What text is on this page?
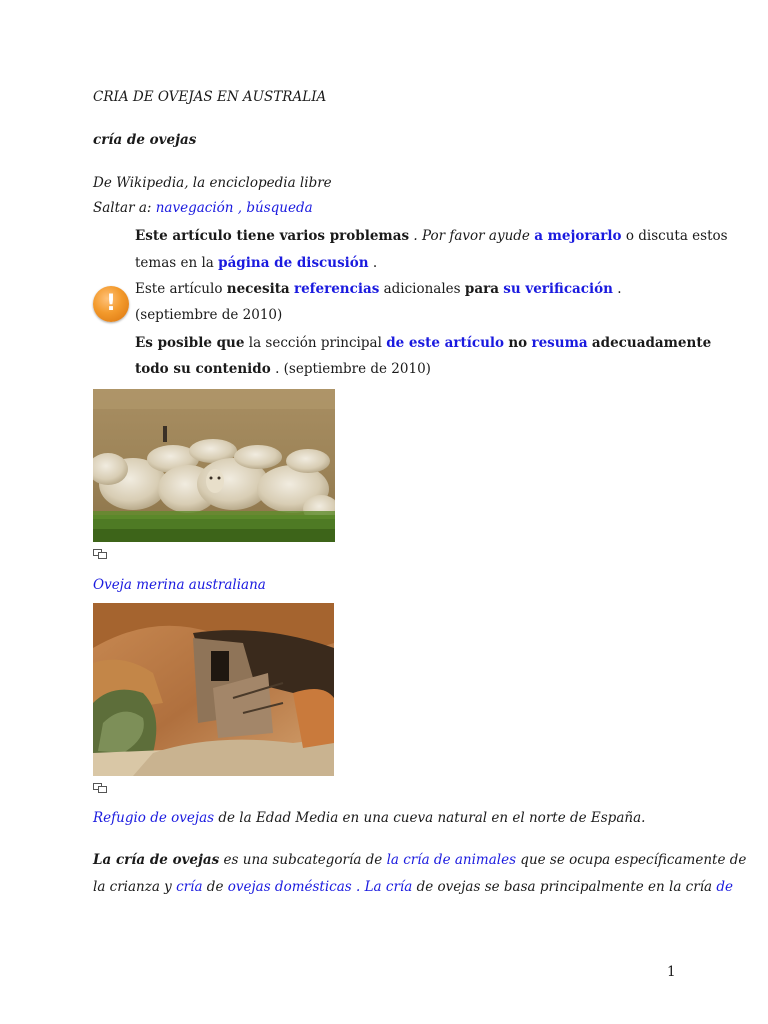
CRIA DE OVEJAS EN AUSTRALIA
cría de ovejas
De Wikipedia, la enciclopedia libre
Saltar a: navegación , búsqueda
Este artículo tiene varios problemas . Por favor ayude a mejorarlo o discuta estos
temas en la página de discusión .
!
Este artículo necesita referencias adicionales para su verificación .
(septiembre de 2010)
Es posible que la sección principal de este artículo no resuma adecuadamente
todo su contenido . (septiembre de 2010)
Oveja merina australiana
Refugio de ovejas de la Edad Media en una cueva natural en el norte de España.
La cría de ovejas es una subcategoría de la cría de animales que se ocupa específicamente de
la crianza y cría de ovejas domésticas . La cría de ovejas se basa principalmente en la cría de
1
